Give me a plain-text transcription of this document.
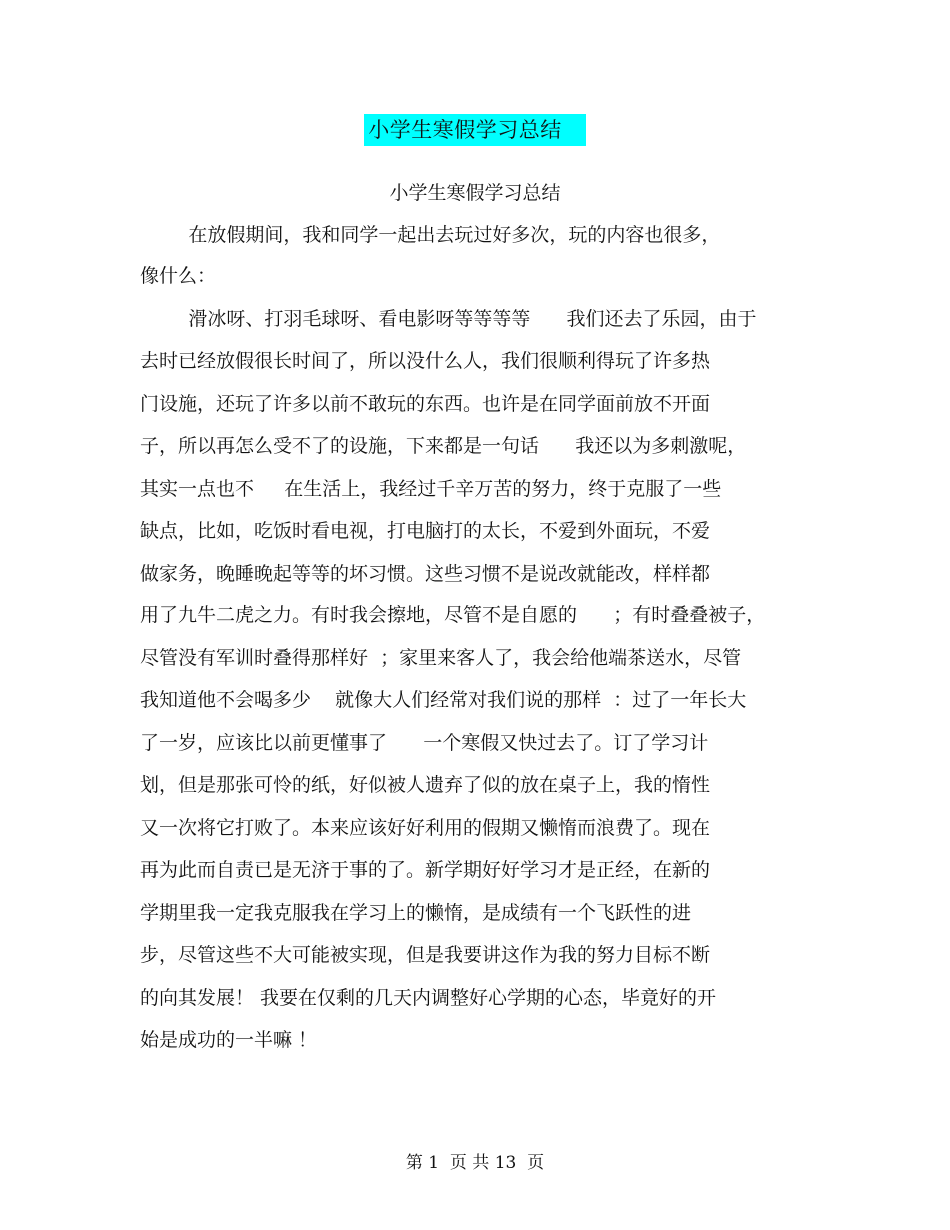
小学生寒假学习总结
小学生寒假学习总结
在放假期间，我和同学一起出去玩过好多次，玩的内容也很多，
像什么：
滑冰呀、打羽毛球呀、看电影呀等等等等      我们还去了乐园，由于
去时已经放假很长时间了，所以没什么人，我们很顺利得玩了许多热
门设施，还玩了许多以前不敢玩的东西。也许是在同学面前放不开面
子，所以再怎么受不了的设施，下来都是一句话      我还以为多刺激呢，
其实一点也不     在生活上，我经过千辛万苦的努力，终于克服了一些
缺点，比如，吃饭时看电视，打电脑打的太长，不爱到外面玩，不爱
做家务，晚睡晚起等等的坏习惯。这些习惯不是说改就能改，样样都
用了九牛二虎之力。有时我会擦地，尽管不是自愿的      ；有时叠叠被子，
尽管没有军训时叠得那样好  ；家里来客人了，我会给他端茶送水，尽管
我知道他不会喝多少    就像大人们经常对我们说的那样  ：过了一年长大
了一岁，应该比以前更懂事了      一个寒假又快过去了。订了学习计
划，但是那张可怜的纸，好似被人遗弃了似的放在桌子上，我的惰性
又一次将它打败了。本来应该好好利用的假期又懒惰而浪费了。现在
再为此而自责已是无济于事的了。新学期好好学习才是正经，在新的
学期里我一定我克服我在学习上的懒惰，是成绩有一个飞跃性的进
步，尽管这些不大可能被实现，但是我要讲这作为我的努力目标不断
的向其发展！ 我要在仅剩的几天内调整好心学期的心态，毕竟好的开
始是成功的一半嘛 ！
第 1  页 共 13  页
